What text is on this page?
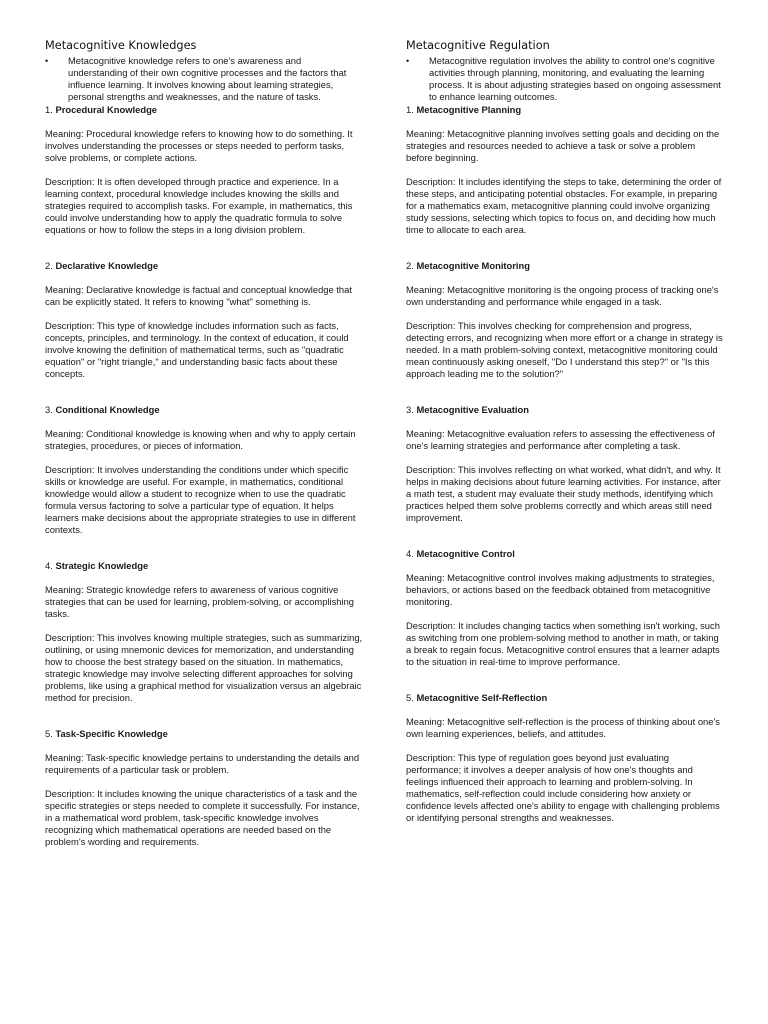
Metacognitive Knowledges
• Metacognitive knowledge refers to one's awareness and understanding of their own cognitive processes and the factors that influence learning. It involves knowing about learning strategies, personal strengths and weaknesses, and the nature of tasks.

1. Procedural Knowledge

Meaning: Procedural knowledge refers to knowing how to do something. It involves understanding the processes or steps needed to perform tasks, solve problems, or complete actions.

Description: It is often developed through practice and experience. In a learning context, procedural knowledge includes knowing the skills and strategies required to accomplish tasks. For example, in mathematics, this could involve understanding how to apply the quadratic formula to solve equations or how to follow the steps in a long division problem.

2. Declarative Knowledge

Meaning: Declarative knowledge is factual and conceptual knowledge that can be explicitly stated. It refers to knowing "what" something is.

Description: This type of knowledge includes information such as facts, concepts, principles, and terminology. In the context of education, it could involve knowing the definition of mathematical terms, such as "quadratic equation" or "right triangle," and understanding basic facts about these concepts.

3. Conditional Knowledge

Meaning: Conditional knowledge is knowing when and why to apply certain strategies, procedures, or pieces of information.

Description: It involves understanding the conditions under which specific skills or knowledge are useful. For example, in mathematics, conditional knowledge would allow a student to recognize when to use the quadratic formula versus factoring to solve a particular type of equation. It helps learners make decisions about the appropriate strategies to use in different contexts.

4. Strategic Knowledge

Meaning: Strategic knowledge refers to awareness of various cognitive strategies that can be used for learning, problem-solving, or accomplishing tasks.

Description: This involves knowing multiple strategies, such as summarizing, outlining, or using mnemonic devices for memorization, and understanding how to choose the best strategy based on the situation. In mathematics, strategic knowledge may involve selecting different approaches for solving problems, like using a graphical method for visualization versus an algebraic method for precision.

5. Task-Specific Knowledge

Meaning: Task-specific knowledge pertains to understanding the details and requirements of a particular task or problem.

Description: It includes knowing the unique characteristics of a task and the specific strategies or steps needed to complete it successfully. For instance, in a mathematical word problem, task-specific knowledge involves recognizing which mathematical operations are needed based on the problem's wording and requirements.

Metacognitive Regulation
• Metacognitive regulation involves the ability to control one's cognitive activities through planning, monitoring, and evaluating the learning process. It is about adjusting strategies based on ongoing assessment to enhance learning outcomes.

1. Metacognitive Planning

Meaning: Metacognitive planning involves setting goals and deciding on the strategies and resources needed to achieve a task or solve a problem before beginning.

Description: It includes identifying the steps to take, determining the order of these steps, and anticipating potential obstacles. For example, in preparing for a mathematics exam, metacognitive planning could involve organizing study sessions, selecting which topics to focus on, and deciding how much time to allocate to each area.

2. Metacognitive Monitoring

Meaning: Metacognitive monitoring is the ongoing process of tracking one's own understanding and performance while engaged in a task.

Description: This involves checking for comprehension and progress, detecting errors, and recognizing when more effort or a change in strategy is needed. In a math problem-solving context, metacognitive monitoring could mean continuously asking oneself, "Do I understand this step?" or "Is this approach leading me to the solution?"

3. Metacognitive Evaluation

Meaning: Metacognitive evaluation refers to assessing the effectiveness of one's learning strategies and performance after completing a task.

Description: This involves reflecting on what worked, what didn't, and why. It helps in making decisions about future learning activities. For instance, after a math test, a student may evaluate their study methods, identifying which practices helped them solve problems correctly and which areas still need improvement.

4. Metacognitive Control

Meaning: Metacognitive control involves making adjustments to strategies, behaviors, or actions based on the feedback obtained from metacognitive monitoring.

Description: It includes changing tactics when something isn't working, such as switching from one problem-solving method to another in math, or taking a break to regain focus. Metacognitive control ensures that a learner adapts to the situation in real-time to improve performance.

5. Metacognitive Self-Reflection

Meaning: Metacognitive self-reflection is the process of thinking about one's own learning experiences, beliefs, and attitudes.

Description: This type of regulation goes beyond just evaluating performance; it involves a deeper analysis of how one's thoughts and feelings influenced their approach to learning and problem-solving. In mathematics, self-reflection could include considering how anxiety or confidence levels affected one's ability to engage with challenging problems or identifying personal strengths and weaknesses.
